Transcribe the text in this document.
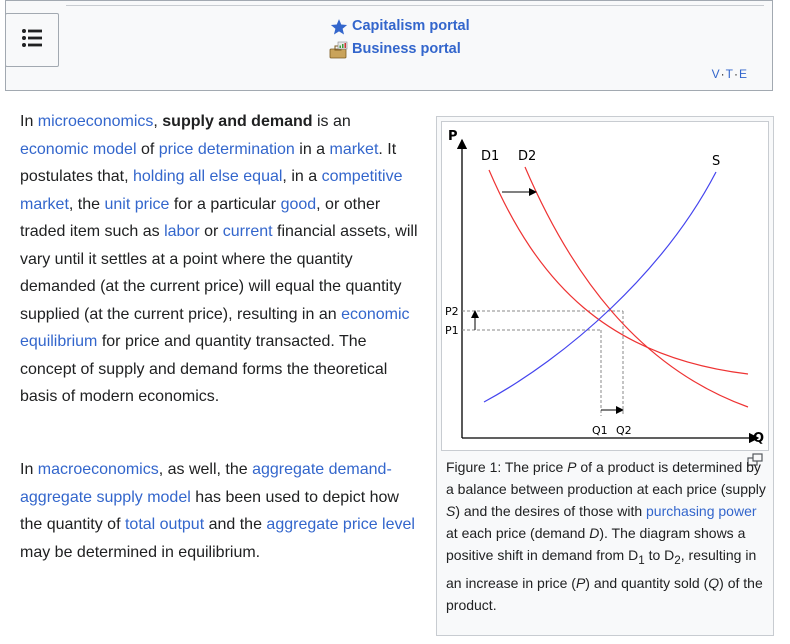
Capitalism portal
Business portal
V·T·E

In microeconomics, supply and demand is an economic model of price determination in a market. It postulates that, holding all else equal, in a competitive market, the unit price for a particular good, or other traded item such as labor or current financial assets, will vary until it settles at a point where the quantity demanded (at the current price) will equal the quantity supplied (at the current price), resulting in an economic equilibrium for price and quantity transacted. The concept of supply and demand forms the theoretical basis of modern economics.

In macroeconomics, as well, the aggregate demand-aggregate supply model has been used to depict how the quantity of total output and the aggregate price level may be determined in equilibrium.

P
Q
D1 D2	S
P2
P1
Q1 Q2
Figure 1: The price P of a product is determined by a balance between production at each price (supply S) and the desires of those with purchasing power at each price (demand D). The diagram shows a positive shift in demand from $D_1$ to $D_2$, resulting in an increase in price (P) and quantity sold (Q) of the product.
